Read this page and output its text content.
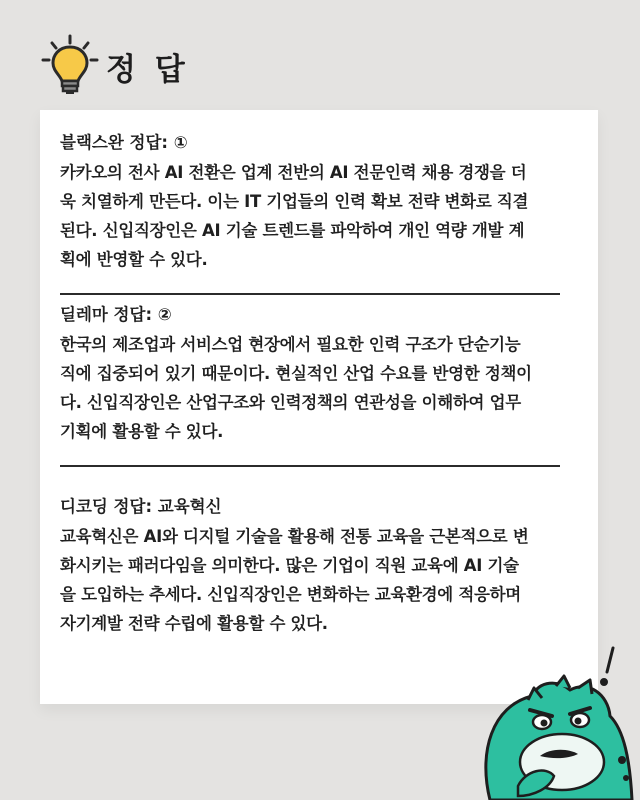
정 답
블랙스완 정답: ①
카카오의 전사 AI 전환은 업계 전반의 AI 전문인력 채용 경쟁을 더
욱 치열하게 만든다. 이는 IT 기업들의 인력 확보 전략 변화로 직결
된다. 신입직장인은 AI 기술 트렌드를 파악하여 개인 역량 개발 계
획에 반영할 수 있다.
딜레마 정답: ②
한국의 제조업과 서비스업 현장에서 필요한 인력 구조가 단순기능
직에 집중되어 있기 때문이다. 현실적인 산업 수요를 반영한 정책이
다. 신입직장인은 산업구조와 인력정책의 연관성을 이해하여 업무
기획에 활용할 수 있다.
디코딩 정답: 교육혁신
교육혁신은 AI와 디지털 기술을 활용해 전통 교육을 근본적으로 변
화시키는 패러다임을 의미한다. 많은 기업이 직원 교육에 AI 기술
을 도입하는 추세다. 신입직장인은 변화하는 교육환경에 적응하며
자기계발 전략 수립에 활용할 수 있다.
